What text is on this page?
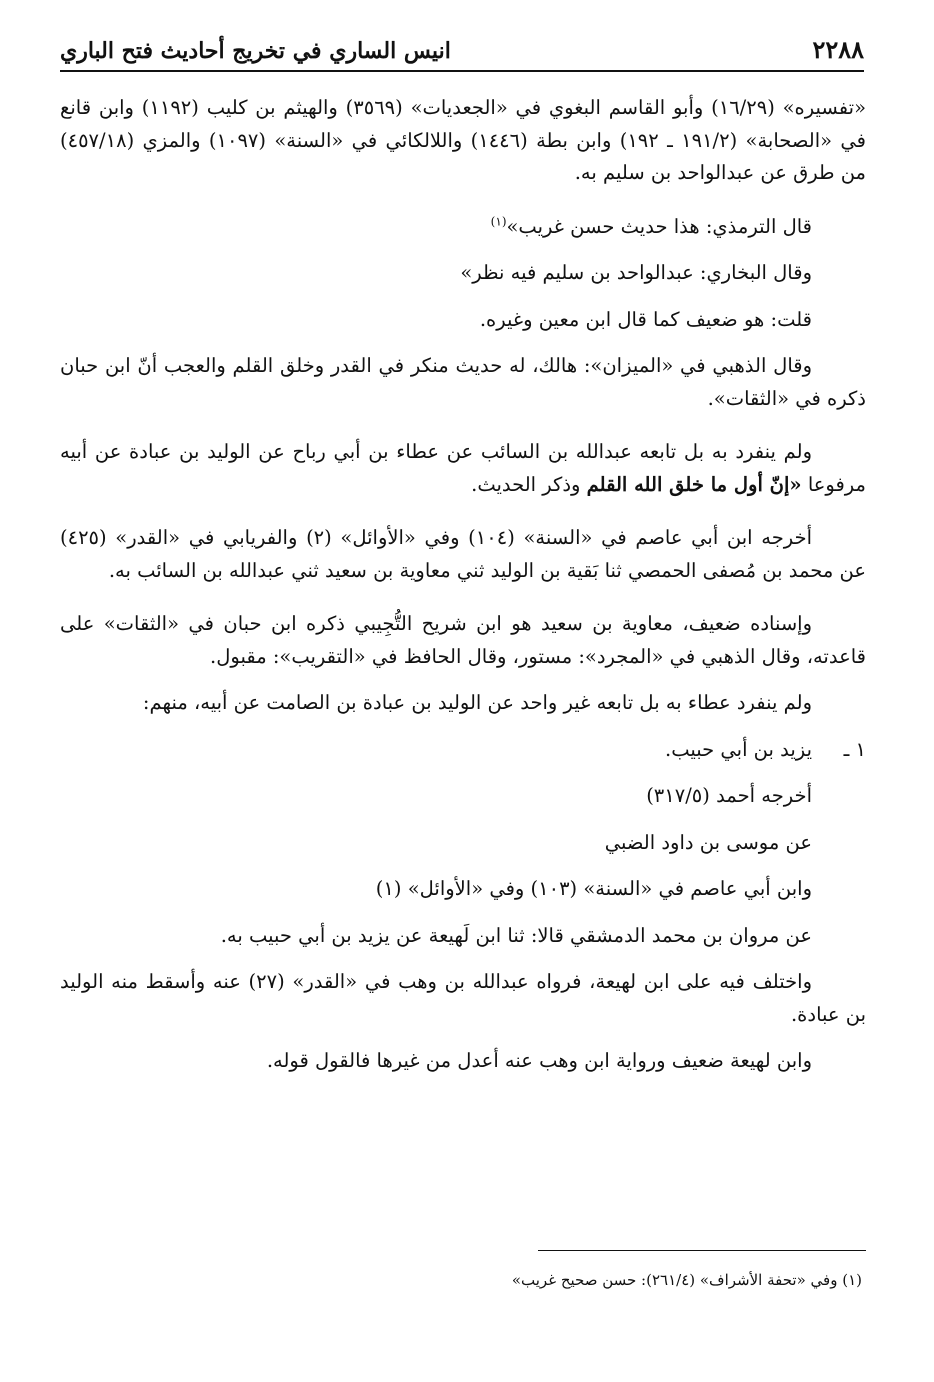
٢٢٨٨
انيس الساري في تخريج أحاديث فتح الباري

«تفسيره» (١٦/٢٩) وأبو القاسم البغوي في «الجعديات» (٣٥٦٩) والهيثم بن كليب (١١٩٢) وابن قانع في «الصحابة» (١٩١/٢ ـ ١٩٢) وابن بطة (١٤٤٦) واللالكائي في «السنة» (١٠٩٧) والمزي (٤٥٧/١٨) من طرق عن عبدالواحد بن سليم به.

قال الترمذي: هذا حديث حسن غريب»$^{(١)}$

وقال البخاري: عبدالواحد بن سليم فيه نظر»

قلت: هو ضعيف كما قال ابن معين وغيره.

وقال الذهبي في «الميزان»: هالك، له حديث منكر في القدر وخلق القلم والعجب أنّ ابن حبان ذكره في «الثقات».

ولم ينفرد به بل تابعه عبدالله بن السائب عن عطاء بن أبي رباح عن الوليد بن عبادة عن أبيه مرفوعا «إنّ أول ما خلق الله القلم وذكر الحديث.

أخرجه ابن أبي عاصم في «السنة» (١٠٤) وفي «الأوائل» (٢) والفريابي في «القدر» (٤٢٥) عن محمد بن مُصفى الحمصي ثنا بَقية بن الوليد ثني معاوية بن سعيد ثني عبدالله بن السائب به.

وإسناده ضعيف، معاوية بن سعيد هو ابن شريح التُّجِيبي ذكره ابن حبان في «الثقات» على قاعدته، وقال الذهبي في «المجرد»: مستور، وقال الحافظ في «التقريب»: مقبول.

ولم ينفرد عطاء به بل تابعه غير واحد عن الوليد بن عبادة بن الصامت عن أبيه، منهم:

١ ـ
يزيد بن أبي حبيب.

أخرجه أحمد (٣١٧/٥)

عن موسى بن داود الضبي

وابن أبي عاصم في «السنة» (١٠٣) وفي «الأوائل» (١)

عن مروان بن محمد الدمشقي قالا: ثنا ابن لَهيعة عن يزيد بن أبي حبيب به.

واختلف فيه على ابن لهيعة، فرواه عبدالله بن وهب في «القدر» (٢٧) عنه وأسقط منه الوليد بن عبادة.

وابن لهيعة ضعيف ورواية ابن وهب عنه أعدل من غيرها فالقول قوله.

(١) وفي «تحفة الأشراف» (٢٦١/٤): حسن صحيح غريب»
